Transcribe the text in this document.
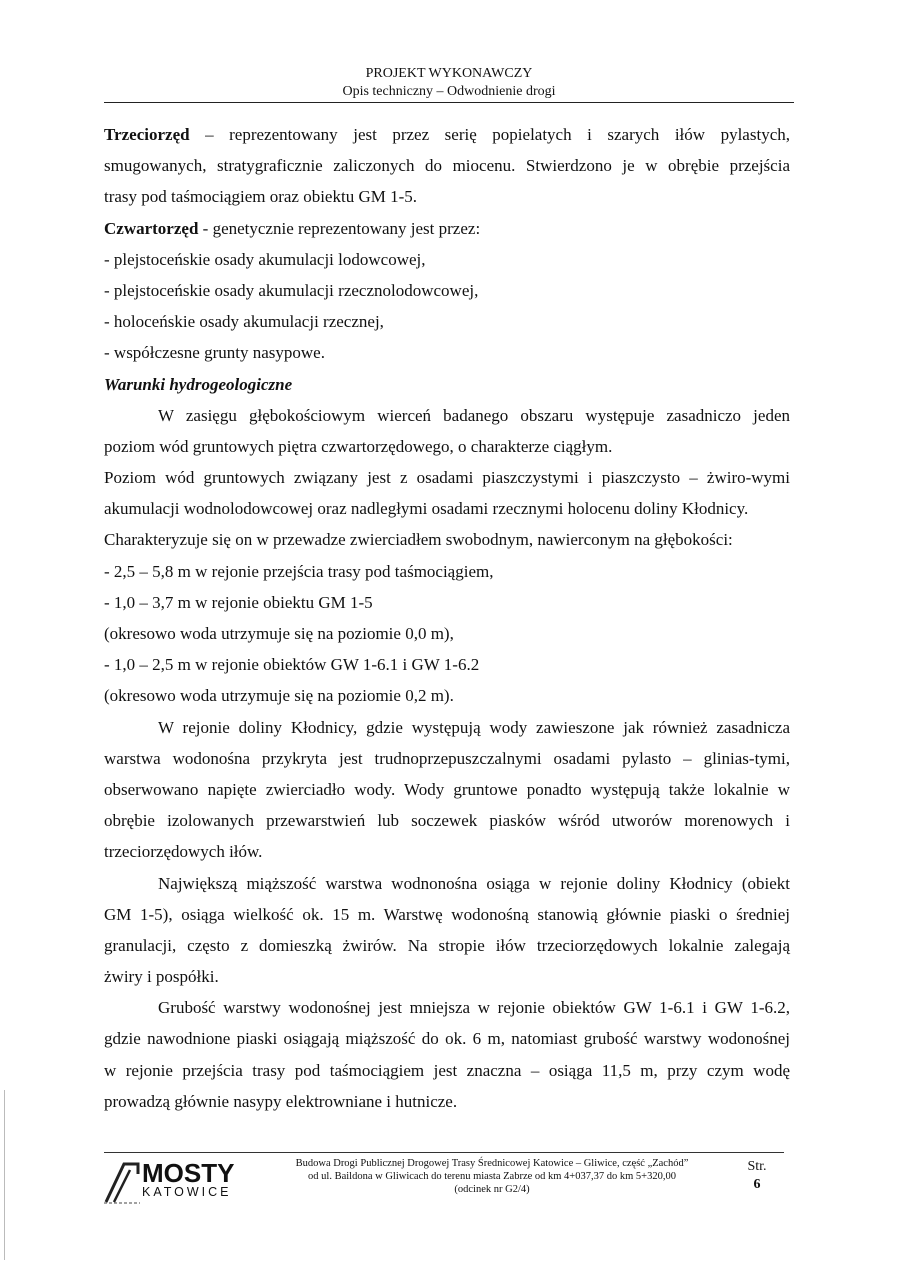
PROJEKT WYKONAWCZY
Opis techniczny – Odwodnienie drogi
Trzeciorzęd – reprezentowany jest przez serię popielatych i szarych iłów pylastych,
smugowanych, stratygraficznie zaliczonych do miocenu. Stwierdzono je w obrębie przejścia
trasy pod taśmociągiem oraz obiektu GM 1-5.
Czwartorzęd - genetycznie reprezentowany jest przez:
- plejstoceńskie osady akumulacji lodowcowej,
- plejstoceńskie osady akumulacji rzecznolodowcowej,
- holoceńskie osady akumulacji rzecznej,
- współczesne grunty nasypowe.
Warunki hydrogeologiczne
W zasięgu głębokościowym wierceń badanego obszaru występuje zasadniczo jeden
poziom wód gruntowych piętra czwartorzędowego, o charakterze ciągłym.
Poziom wód gruntowych związany jest z osadami piaszczystymi i piaszczysto – żwiro-wymi
akumulacji wodnolodowcowej oraz nadległymi osadami rzecznymi holocenu doliny Kłodnicy.
Charakteryzuje się on w przewadze zwierciadłem swobodnym, nawierconym na głębokości:
- 2,5 – 5,8 m w rejonie przejścia trasy pod taśmociągiem,
- 1,0 – 3,7 m w rejonie obiektu GM 1-5
(okresowo woda utrzymuje się na poziomie 0,0 m),
- 1,0 – 2,5 m w rejonie obiektów GW 1-6.1 i GW 1-6.2
(okresowo woda utrzymuje się na poziomie 0,2 m).
W rejonie doliny Kłodnicy, gdzie występują wody zawieszone jak również zasadnicza
warstwa wodonośna przykryta jest trudnoprzepuszczalnymi osadami pylasto – glinias-tymi,
obserwowano napięte zwierciadło wody. Wody gruntowe ponadto występują także lokalnie w
obrębie izolowanych przewarstwień lub soczewek piasków wśród utworów morenowych i
trzeciorzędowych iłów.
Największą miąższość warstwa wodnonośna osiąga w rejonie doliny Kłodnicy (obiekt
GM 1-5), osiąga wielkość ok. 15 m. Warstwę wodonośną stanowią głównie piaski o średniej
granulacji, często z domieszką żwirów. Na stropie iłów trzeciorzędowych lokalnie zalegają
żwiry i pospółki.
Grubość warstwy wodonośnej jest mniejsza w rejonie obiektów GW 1-6.1 i GW 1-6.2,
gdzie nawodnione piaski osiągają miąższość do ok. 6 m, natomiast grubość warstwy wodonośnej
w rejonie przejścia trasy pod taśmociągiem jest znaczna – osiąga 11,5 m, przy czym wodę
prowadzą głównie nasypy elektrowniane i hutnicze.
MOSTY
KATOWICE
Budowa Drogi Publicznej Drogowej Trasy Średnicowej Katowice – Gliwice, część „Zachód”
od ul. Baildona w Gliwicach do terenu miasta Zabrze od km 4+037,37 do km 5+320,00
(odcinek nr G2/4)
Str.
6
